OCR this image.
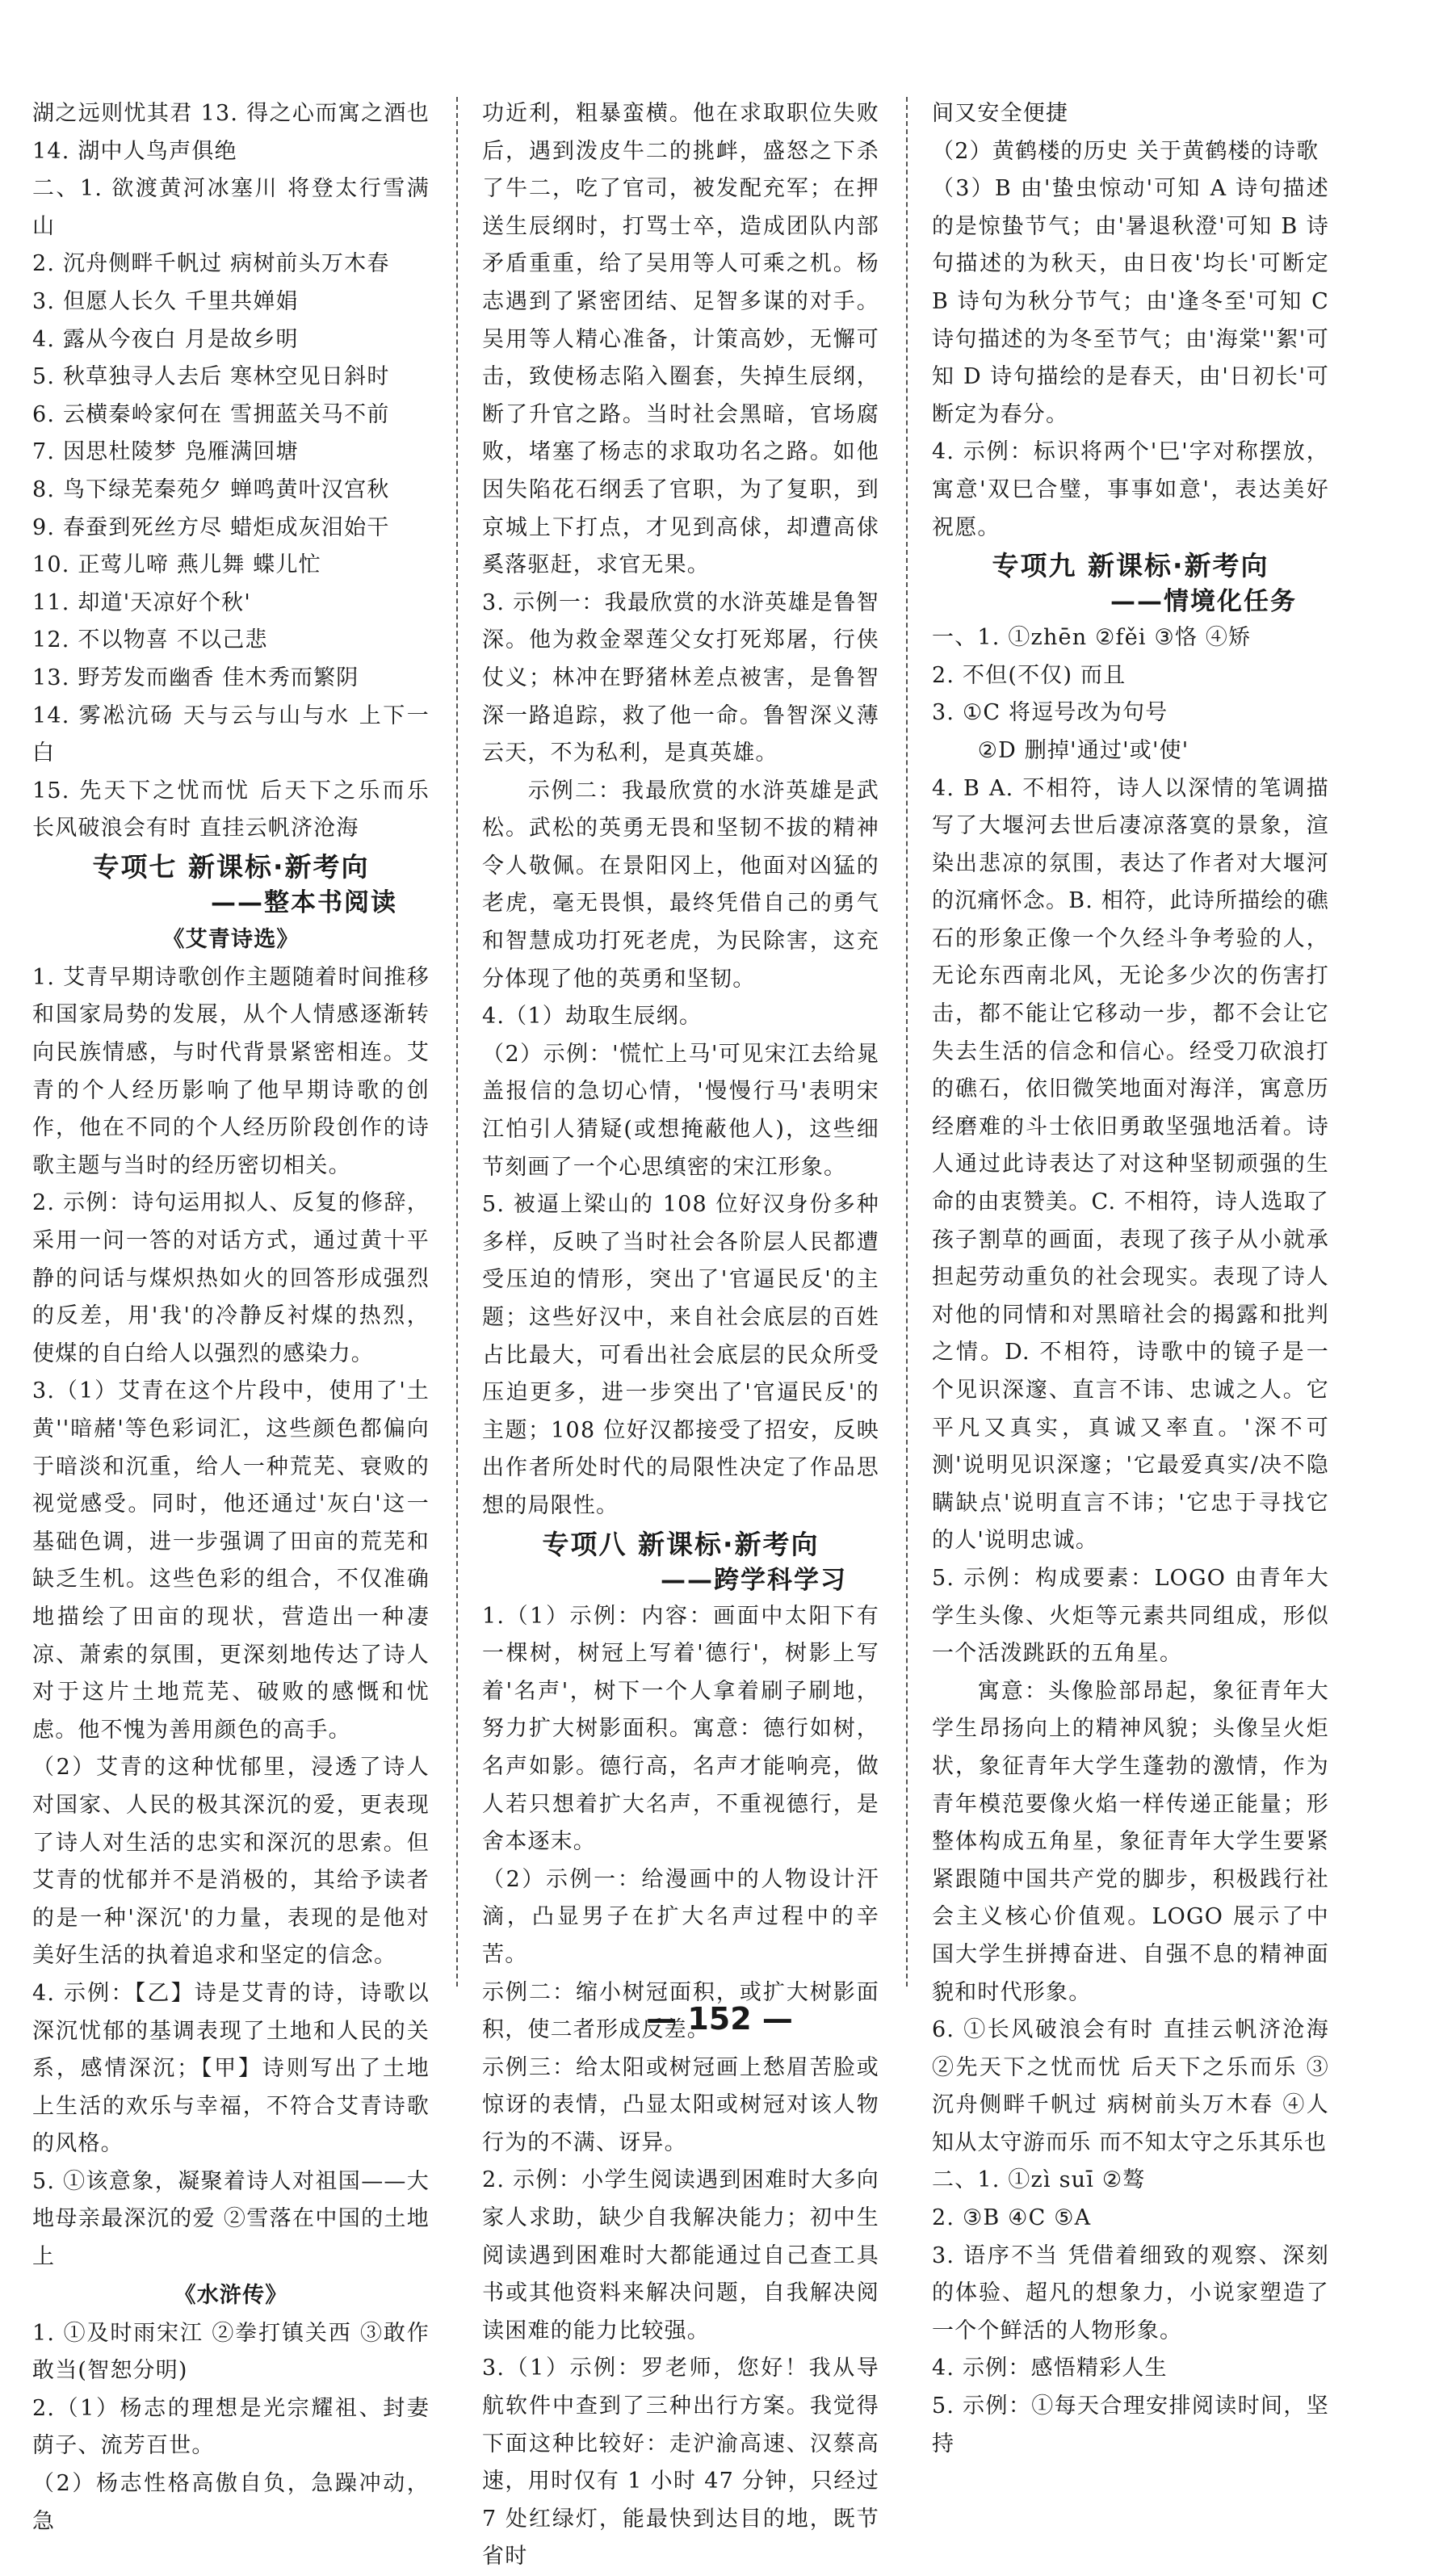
湖之远则忧其君 13. 得之心而寓之酒也 14. 湖中人鸟声俱绝

二、1. 欲渡黄河冰塞川 将登太行雪满山

2. 沉舟侧畔千帆过 病树前头万木春

3. 但愿人长久 千里共婵娟

4. 露从今夜白 月是故乡明

5. 秋草独寻人去后 寒林空见日斜时

6. 云横秦岭家何在 雪拥蓝关马不前

7. 因思杜陵梦 凫雁满回塘

8. 鸟下绿芜秦苑夕 蝉鸣黄叶汉宫秋

9. 春蚕到死丝方尽 蜡炬成灰泪始干

10. 正莺儿啼 燕儿舞 蝶儿忙

11. 却道'天凉好个秋'

12. 不以物喜 不以己悲

13. 野芳发而幽香 佳木秀而繁阴

14. 雾凇沆砀 天与云与山与水 上下一白

15. 先天下之忧而忧 后天下之乐而乐 长风破浪会有时 直挂云帆济沧海

专项七 新课标·新考向
——整本书阅读
《艾青诗选》

1. 艾青早期诗歌创作主题随着时间推移和国家局势的发展，从个人情感逐渐转向民族情感，与时代背景紧密相连。艾青的个人经历影响了他早期诗歌的创作，他在不同的个人经历阶段创作的诗歌主题与当时的经历密切相关。

2. 示例：诗句运用拟人、反复的修辞，采用一问一答的对话方式，通过黄十平静的问话与煤炽热如火的回答形成强烈的反差，用'我'的冷静反衬煤的热烈，使煤的自白给人以强烈的感染力。

3.（1）艾青在这个片段中，使用了'土黄''暗赭'等色彩词汇，这些颜色都偏向于暗淡和沉重，给人一种荒芜、衰败的视觉感受。同时，他还通过'灰白'这一基础色调，进一步强调了田亩的荒芜和缺乏生机。这些色彩的组合，不仅准确地描绘了田亩的现状，营造出一种凄凉、萧索的氛围，更深刻地传达了诗人对于这片土地荒芜、破败的感慨和忧虑。他不愧为善用颜色的高手。

（2）艾青的这种忧郁里，浸透了诗人对国家、人民的极其深沉的爱，更表现了诗人对生活的忠实和深沉的思索。但艾青的忧郁并不是消极的，其给予读者的是一种'深沉'的力量，表现的是他对美好生活的执着追求和坚定的信念。

4. 示例：【乙】诗是艾青的诗，诗歌以深沉忧郁的基调表现了土地和人民的关系，感情深沉；【甲】诗则写出了土地上生活的欢乐与幸福，不符合艾青诗歌的风格。

5. ①该意象，凝聚着诗人对祖国——大地母亲最深沉的爱 ②雪落在中国的土地上

《水浒传》

1. ①及时雨宋江 ②拳打镇关西 ③敢作敢当(智恕分明)

2.（1）杨志的理想是光宗耀祖、封妻荫子、流芳百世。

（2）杨志性格高傲自负，急躁冲动，急

功近利，粗暴蛮横。他在求取职位失败后，遇到泼皮牛二的挑衅，盛怒之下杀了牛二，吃了官司，被发配充军；在押送生辰纲时，打骂士卒，造成团队内部矛盾重重，给了吴用等人可乘之机。杨志遇到了紧密团结、足智多谋的对手。吴用等人精心准备，计策高妙，无懈可击，致使杨志陷入圈套，失掉生辰纲，断了升官之路。当时社会黑暗，官场腐败，堵塞了杨志的求取功名之路。如他因失陷花石纲丢了官职，为了复职，到京城上下打点，才见到高俅，却遭高俅奚落驱赶，求官无果。

3. 示例一：我最欣赏的水浒英雄是鲁智深。他为救金翠莲父女打死郑屠，行侠仗义；林冲在野猪林差点被害，是鲁智深一路追踪，救了他一命。鲁智深义薄云天，不为私利，是真英雄。

示例二：我最欣赏的水浒英雄是武松。武松的英勇无畏和坚韧不拔的精神令人敬佩。在景阳冈上，他面对凶猛的老虎，毫无畏惧，最终凭借自己的勇气和智慧成功打死老虎，为民除害，这充分体现了他的英勇和坚韧。

4.（1）劫取生辰纲。

（2）示例：'慌忙上马'可见宋江去给晁盖报信的急切心情，'慢慢行马'表明宋江怕引人猜疑(或想掩蔽他人)，这些细节刻画了一个心思缜密的宋江形象。

5. 被逼上梁山的 108 位好汉身份多种多样，反映了当时社会各阶层人民都遭受压迫的情形，突出了'官逼民反'的主题；这些好汉中，来自社会底层的百姓占比最大，可看出社会底层的民众所受压迫更多，进一步突出了'官逼民反'的主题；108 位好汉都接受了招安，反映出作者所处时代的局限性决定了作品思想的局限性。

专项八 新课标·新考向
——跨学科学习

1.（1）示例：内容：画面中太阳下有一棵树，树冠上写着'德行'，树影上写着'名声'，树下一个人拿着刷子刷地，努力扩大树影面积。寓意：德行如树，名声如影。德行高，名声才能响亮，做人若只想着扩大名声，不重视德行，是舍本逐末。

（2）示例一：给漫画中的人物设计汗滴，凸显男子在扩大名声过程中的辛苦。

示例二：缩小树冠面积，或扩大树影面积，使二者形成反差。

示例三：给太阳或树冠画上愁眉苦脸或惊讶的表情，凸显太阳或树冠对该人物行为的不满、讶异。

2. 示例：小学生阅读遇到困难时大多向家人求助，缺少自我解决能力；初中生阅读遇到困难时大都能通过自己查工具书或其他资料来解决问题，自我解决阅读困难的能力比较强。

3.（1）示例：罗老师，您好！我从导航软件中查到了三种出行方案。我觉得下面这种比较好：走沪渝高速、汉蔡高速，用时仅有 1 小时 47 分钟，只经过 7 处红绿灯，能最快到达目的地，既节省时

间又安全便捷

（2）黄鹤楼的历史 关于黄鹤楼的诗歌

（3）B 由'蛰虫惊动'可知 A 诗句描述的是惊蛰节气；由'暑退秋澄'可知 B 诗句描述的为秋天，由日夜'均长'可断定 B 诗句为秋分节气；由'逢冬至'可知 C 诗句描述的为冬至节气；由'海棠''絮'可知 D 诗句描绘的是春天，由'日初长'可断定为春分。

4. 示例：标识将两个'巳'字对称摆放，寓意'双巳合璧，事事如意'，表达美好祝愿。

专项九 新课标·新考向
——情境化任务

一、1. ①zhēn ②fěi ③恪 ④矫

2. 不但(不仅) 而且

3. ①C 将逗号改为句号

②D 删掉'通过'或'使'

4. B A. 不相符，诗人以深情的笔调描写了大堰河去世后凄凉落寞的景象，渲染出悲凉的氛围，表达了作者对大堰河的沉痛怀念。B. 相符，此诗所描绘的礁石的形象正像一个久经斗争考验的人，无论东西南北风，无论多少次的伤害打击，都不能让它移动一步，都不会让它失去生活的信念和信心。经受刀砍浪打的礁石，依旧微笑地面对海洋，寓意历经磨难的斗士依旧勇敢坚强地活着。诗人通过此诗表达了对这种坚韧顽强的生命的由衷赞美。C. 不相符，诗人选取了孩子割草的画面，表现了孩子从小就承担起劳动重负的社会现实。表现了诗人对他的同情和对黑暗社会的揭露和批判之情。D. 不相符，诗歌中的镜子是一个见识深邃、直言不讳、忠诚之人。它平凡又真实，真诚又率直。'深不可测'说明见识深邃；'它最爱真实/决不隐瞒缺点'说明直言不讳；'它忠于寻找它的人'说明忠诚。

5. 示例：构成要素：LOGO 由青年大学生头像、火炬等元素共同组成，形似一个活泼跳跃的五角星。

寓意：头像脸部昂起，象征青年大学生昂扬向上的精神风貌；头像呈火炬状，象征青年大学生蓬勃的激情，作为青年模范要像火焰一样传递正能量；形整体构成五角星，象征青年大学生要紧紧跟随中国共产党的脚步，积极践行社会主义核心价值观。LOGO 展示了中国大学生拼搏奋进、自强不息的精神面貌和时代形象。

6. ①长风破浪会有时 直挂云帆济沧海 ②先天下之忧而忧 后天下之乐而乐 ③沉舟侧畔千帆过 病树前头万木春 ④人知从太守游而乐 而不知太守之乐其乐也

二、1. ①zì suī ②骜

2. ③B ④C ⑤A

3. 语序不当 凭借着细致的观察、深刻的体验、超凡的想象力，小说家塑造了一个个鲜活的人物形象。

4. 示例：感悟精彩人生

5. 示例：①每天合理安排阅读时间，坚持

— 152 —
